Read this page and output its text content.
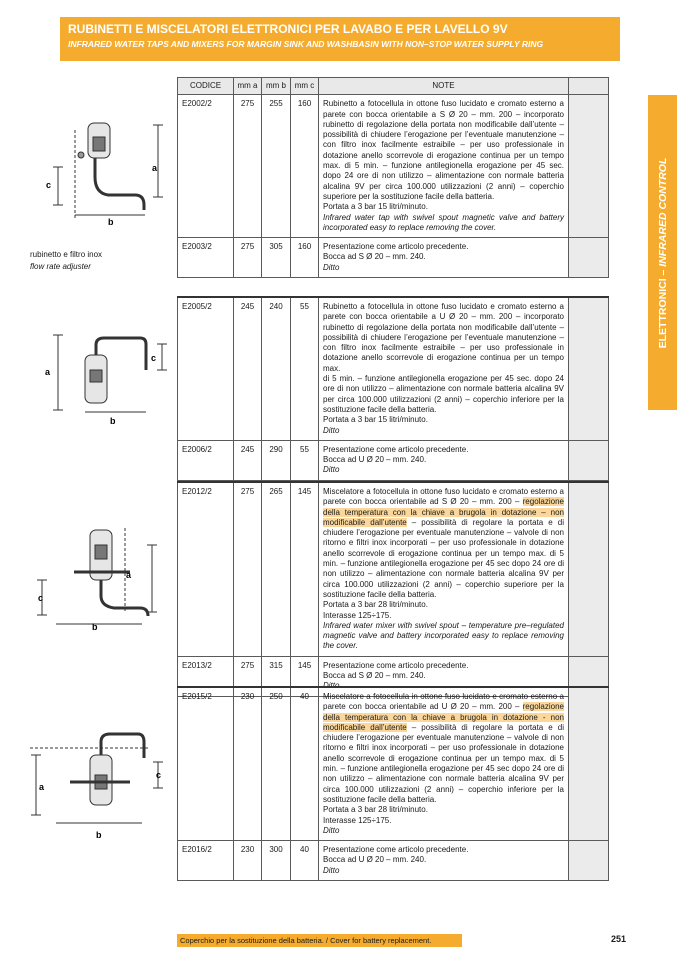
RUBINETTI E MISCELATORI ELETTRONICI PER LAVABO E PER LAVELLO 9V
INFRARED WATER TAPS AND MIXERS FOR MARGIN SINK AND WASHBASIN WITH NON–STOP WATER SUPPLY RING
ELETTRONICI – INFRARED CONTROL
CODICE	mm a	mm b	mm c	NOTE	
E2002/2	275	255	160	Rubinetto a fotocellula in ottone fuso lucidato e cromato esterno a parete con bocca orientabile a S Ø 20 – mm. 200 – incorporato rubinetto di regolazione della portata non modificabile dall’utente – possibilità di chiudere l’erogazione per l’eventuale manutenzione – con filtro inox facilmente estraibile – per uso professionale in dotazione anello scorrevole di erogazione continua per un tempo max. di 5 min. – funzione antilegionella erogazione per 45 sec. dopo 24 ore di non utilizzo – alimentazione con normale batteria alcalina 9V per circa 100.000 utilizzazioni (2 anni) – coperchio superiore per la sostituzione facile della batteria.
Portata a 3 bar 15 litri/minuto.
Infrared water tap with swivel spout magnetic valve and battery incorporated easy to replace removing the cover.	
E2003/2	275	305	160	Presentazione come articolo precedente.
Bocca ad S Ø 20 – mm. 240.
Ditto	
E2005/2	245	240	55	Rubinetto a fotocellula in ottone fuso lucidato e cromato esterno a parete con bocca orientabile a U Ø 20 – mm. 200 – incorporato rubinetto di regolazione della portata non modificabile dall’utente – possibilità di chiudere l’erogazione per l’eventuale manutenzione – con filtro inox facilmente estraibile – per uso professionale in dotazione anello scorrevole di erogazione continua per un tempo max.
di 5 min. – funzione antilegionella erogazione per 45 sec. dopo 24 ore di non utilizzo – alimentazione con normale batteria alcalina 9V per circa 100.000 utilizzazioni (2 anni) – coperchio inferiore per la sostituzione facile della batteria.
Portata a 3 bar 15 litri/minuto.
Ditto	
E2006/2	245	290	55	Presentazione come articolo precedente.
Bocca ad U Ø 20 – mm. 240.
Ditto	
E2012/2	275	265	145	Miscelatore a fotocellula in ottone fuso lucidato e cromato esterno a parete con bocca orientabile ad S Ø 20 – mm. 200 – regolazione della temperatura con la chiave a brugola in dotazione – non modificabile dall’utente – possibilità di regolare la portata e di chiudere l’erogazione per eventuale manutenzione – valvole di non ritorno e filtri inox incorporati – per uso professionale in dotazione anello scorrevole di erogazione continua per un tempo max. di 5 min. – funzione antilegionella erogazione per 45 sec dopo 24 ore di non utilizzo – alimentazione con normale batteria alcalina 9V per circa 100.000 utilizzazioni (2 anni) – coperchio superiore per la sostituzione facile della batteria.
Portata a 3 bar 28 litri/minuto.
Interasse 125÷175.
Infrared water mixer with swivel spout – temperature pre–regulated magnetic valve and battery incorporated easy to replace removing the cover.	
E2013/2	275	315	145	Presentazione come articolo precedente.
Bocca ad S Ø 20 – mm. 240.
Ditto	
E2015/2	230	250	40	Miscelatore a fotocellula in ottone fuso lucidato e cromato esterno a parete con bocca orientabile ad U Ø 20 – mm. 200 – regolazione della temperatura con la chiave a brugola in dotazione - non modificabile dall’utente – possibilità di regolare la portata e di chiudere l’erogazione per eventuale manutenzione – valvole di non ritorno e filtri inox incorporati – per uso professionale in dotazione anello scorrevole di erogazione continua per un tempo max. di 5 min. – funzione antilegionella erogazione per 45 sec dopo 24 ore di non utilizzo – alimentazione con normale batteria alcalina 9V per circa 100.000 utilizzazioni (2 anni) – coperchio inferiore per la sostituzione facile della batteria.
Portata a 3 bar 28 litri/minuto.
Interasse 125÷175.
Ditto	
E2016/2	230	300	40	Presentazione come articolo precedente.
Bocca ad U Ø 20 – mm. 240.
Ditto	
a
c
b
rubinetto e filtro inox
flow rate adjuster
a
c
b
a
c
b
a
c
b
Coperchio per la sostituzione della batteria. / Cover for battery replacement.	251
